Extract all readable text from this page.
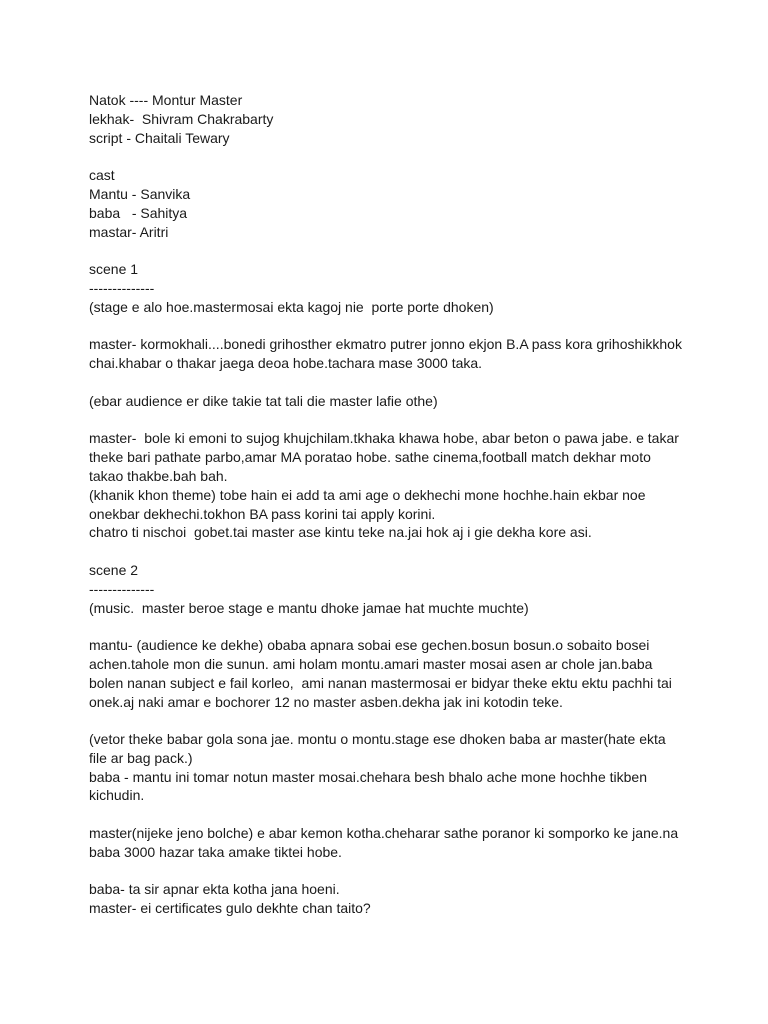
Natok ---- Montur Master
lekhak-  Shivram Chakrabarty
script - Chaitali Tewary
cast
Mantu - Sanvika
baba   - Sahitya
mastar- Aritri
scene 1
--------------
(stage e alo hoe.mastermosai ekta kagoj nie  porte porte dhoken)
master- kormokhali....bonedi grihosther ekmatro putrer jonno ekjon B.A pass kora grihoshikkhok
chai.khabar o thakar jaega deoa hobe.tachara mase 3000 taka.
(ebar audience er dike takie tat tali die master lafie othe)
master-  bole ki emoni to sujog khujchilam.tkhaka khawa hobe, abar beton o pawa jabe. e takar
theke bari pathate parbo,amar MA poratao hobe. sathe cinema,football match dekhar moto
takao thakbe.bah bah.
(khanik khon theme) tobe hain ei add ta ami age o dekhechi mone hochhe.hain ekbar noe
onekbar dekhechi.tokhon BA pass korini tai apply korini.
chatro ti nischoi  gobet.tai master ase kintu teke na.jai hok aj i gie dekha kore asi.
scene 2
--------------
(music.  master beroe stage e mantu dhoke jamae hat muchte muchte)
mantu- (audience ke dekhe) obaba apnara sobai ese gechen.bosun bosun.o sobaito bosei
achen.tahole mon die sunun. ami holam montu.amari master mosai asen ar chole jan.baba
bolen nanan subject e fail korleo,  ami nanan mastermosai er bidyar theke ektu ektu pachhi tai
onek.aj naki amar e bochorer 12 no master asben.dekha jak ini kotodin teke.
(vetor theke babar gola sona jae. montu o montu.stage ese dhoken baba ar master(hate ekta
file ar bag pack.)
baba - mantu ini tomar notun master mosai.chehara besh bhalo ache mone hochhe tikben
kichudin.
master(nijeke jeno bolche) e abar kemon kotha.cheharar sathe poranor ki somporko ke jane.na
baba 3000 hazar taka amake tiktei hobe.
baba- ta sir apnar ekta kotha jana hoeni.
master- ei certificates gulo dekhte chan taito?
